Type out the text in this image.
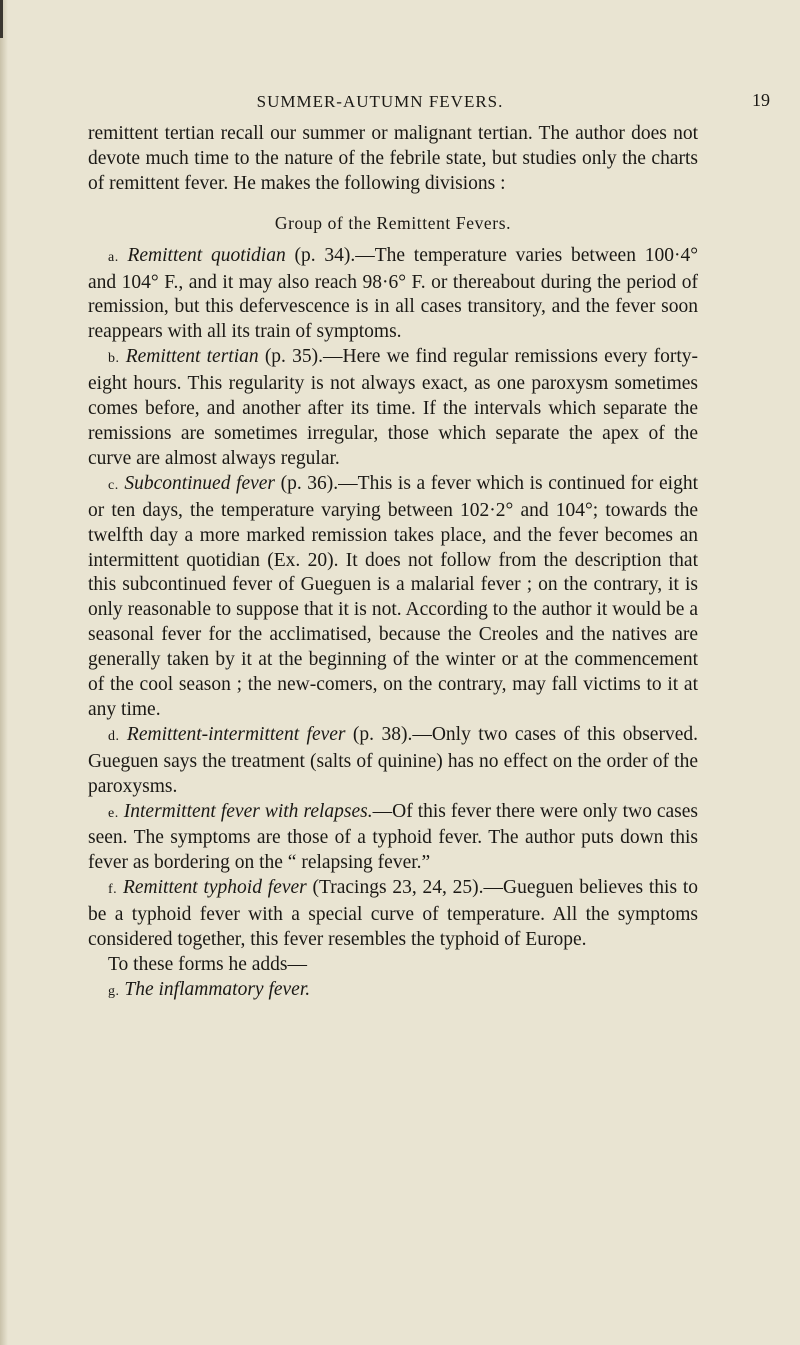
SUMMER-AUTUMN FEVERS.	19

remittent tertian recall our summer or malignant tertian. The author does not devote much time to the nature of the febrile state, but studies only the charts of remittent fever. He makes the following divisions :

Group of the Remittent Fevers.

a. Remittent quotidian (p. 34).—The temperature varies between 100·4° and 104° F., and it may also reach 98·6° F. or thereabout during the period of remission, but this defervescence is in all cases transitory, and the fever soon reappears with all its train of symptoms.

b. Remittent tertian (p. 35).—Here we find regular remissions every forty-eight hours. This regularity is not always exact, as one paroxysm sometimes comes before, and another after its time. If the intervals which separate the remissions are sometimes irregular, those which separate the apex of the curve are almost always regular.

c. Subcontinued fever (p. 36).—This is a fever which is continued for eight or ten days, the temperature varying between 102·2° and 104°; towards the twelfth day a more marked remission takes place, and the fever becomes an intermittent quotidian (Ex. 20). It does not follow from the description that this subcontinued fever of Gueguen is a malarial fever ; on the contrary, it is only reasonable to suppose that it is not. According to the author it would be a seasonal fever for the acclimatised, because the Creoles and the natives are generally taken by it at the beginning of the winter or at the commencement of the cool season ; the new-comers, on the contrary, may fall victims to it at any time.

d. Remittent-intermittent fever (p. 38).—Only two cases of this observed. Gueguen says the treatment (salts of quinine) has no effect on the order of the paroxysms.

e. Intermittent fever with relapses.—Of this fever there were only two cases seen. The symptoms are those of a typhoid fever. The author puts down this fever as bordering on the “ relapsing fever.”

f. Remittent typhoid fever (Tracings 23, 24, 25).—Gueguen believes this to be a typhoid fever with a special curve of temperature. All the symptoms considered together, this fever resembles the typhoid of Europe.

To these forms he adds—

g. The inflammatory fever.
